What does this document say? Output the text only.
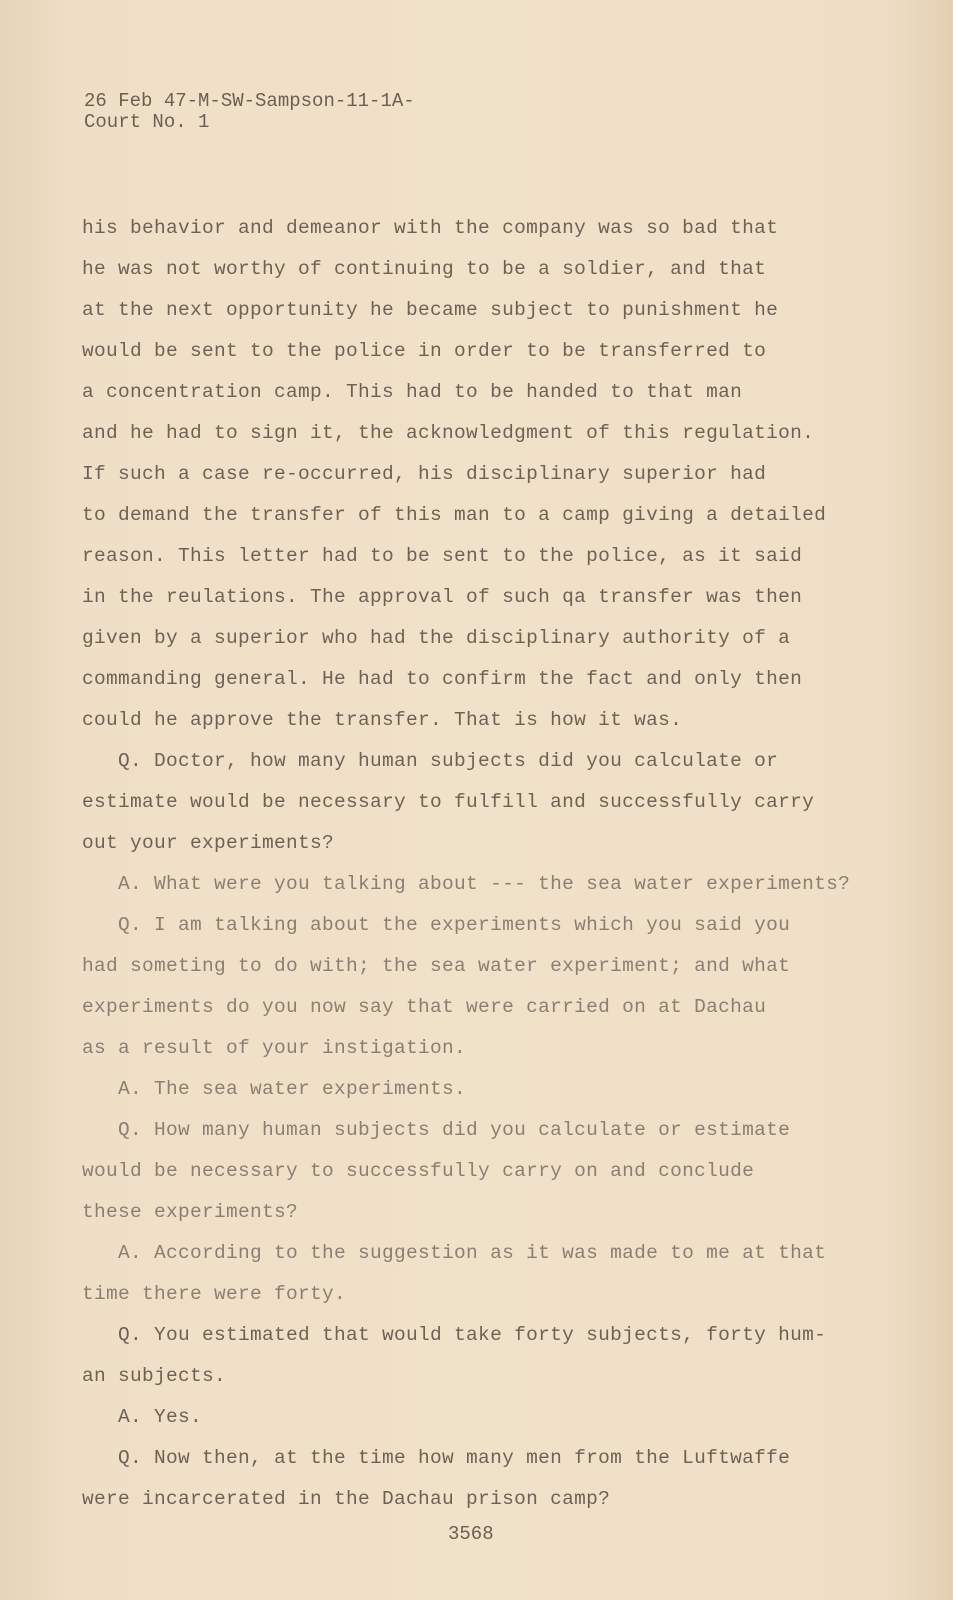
26 Feb 47-M-SW-Sampson-11-1A-
Court No. 1
his behavior and demeanor with the company was so bad that
he was not worthy of continuing to be a soldier, and that
at the next opportunity he became subject to punishment he
would be sent to the police in order to be transferred to
a concentration camp. This had to be handed to that man
and he had to sign it, the acknowledgment of this regulation.
If such a case re-occurred, his disciplinary superior had
to demand the transfer of this man to a camp giving a detailed
reason. This letter had to be sent to the police, as it said
in the reulations. The approval of such qa transfer was then
given by a superior who had the disciplinary authority of a
commanding general. He had to confirm the fact and only then
could he approve the transfer. That is how it was.
Q. Doctor, how many human subjects did you calculate or
estimate would be necessary to fulfill and successfully carry
out your experiments?
A. What were you talking about --- the sea water experiments?
Q. I am talking about the experiments which you said you
had someting to do with; the sea water experiment; and what
experiments do you now say that were carried on at Dachau
as a result of your instigation.
A. The sea water experiments.
Q. How many human subjects did you calculate or estimate
would be necessary to successfully carry on and conclude
these experiments?
A. According to the suggestion as it was made to me at that
time there were forty.
Q. You estimated that would take forty subjects, forty hum-
an subjects.
A. Yes.
Q. Now then, at the time how many men from the Luftwaffe
were incarcerated in the Dachau prison camp?
3568
